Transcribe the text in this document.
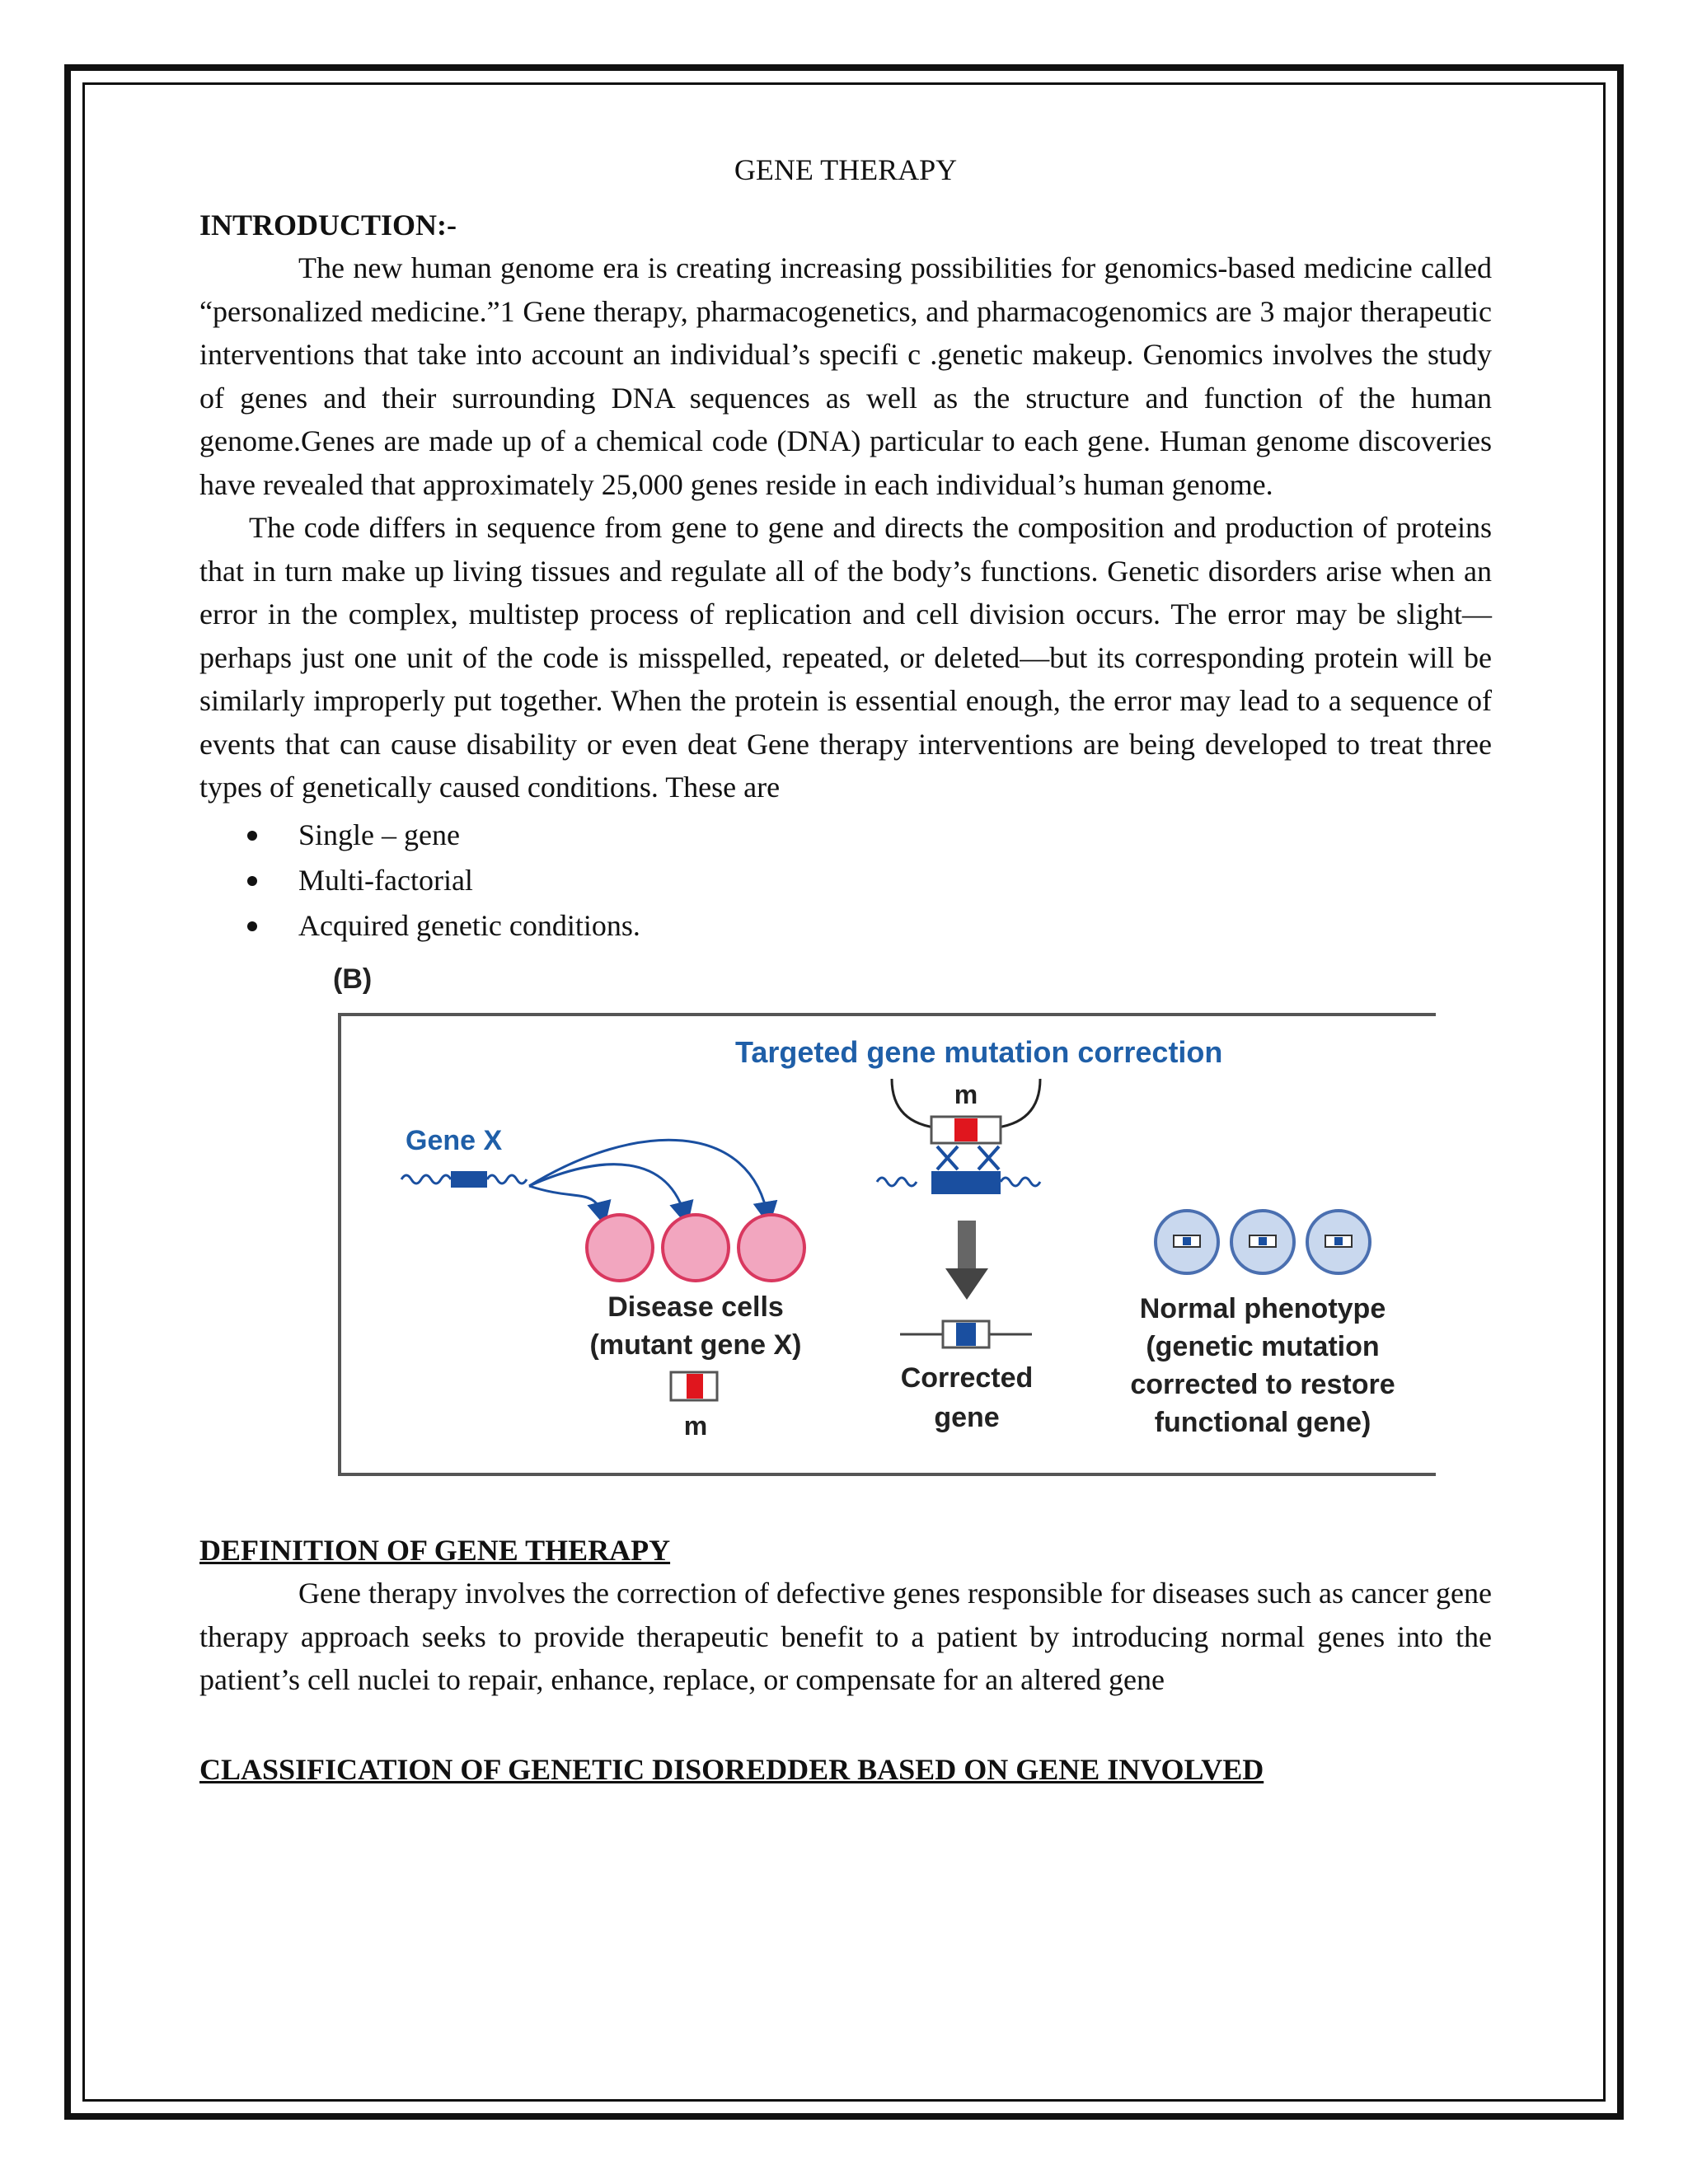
GENE THERAPY
INTRODUCTION:-

The new human genome era is creating increasing possibilities for genomics-based medicine called “personalized medicine.”1 Gene therapy, pharmacogenetics, and pharmacogenomics are 3 major therapeutic interventions that take into account an individual’s specifi c .genetic makeup. Genomics involves the study of genes and their surrounding DNA sequences as well as the structure and function of the human genome.Genes are made up of a chemical code (DNA) particular to each gene. Human genome discoveries have revealed that approximately 25,000 genes reside in each individual’s human genome.

The code differs in sequence from gene to gene and directs the composition and production of proteins that in turn make up living tissues and regulate all of the body’s functions. Genetic disorders arise when an error in the complex, multistep process of replication and cell division occurs. The error may be slight—perhaps just one unit of the code is misspelled, repeated, or deleted—but its corresponding protein will be similarly improperly put together. When the protein is essential enough, the error may lead to a sequence of events that can cause disability or even deat Gene therapy interventions are being developed to treat three types of genetically caused conditions. These are

Single – gene
Multi-factorial
Acquired genetic conditions.
(B)
Targeted gene mutation correction
Gene X
Disease cells
(mutant gene X)
m
m
Corrected
gene
Normal phenotype
(genetic mutation
corrected to restore
functional gene)
DEFINITION OF GENE THERAPY

Gene therapy involves the correction of defective genes responsible for diseases such as cancer gene therapy approach seeks to provide therapeutic benefit to a patient by introducing normal genes into the patient’s cell nuclei to repair, enhance, replace, or compensate for an altered gene

CLASSIFICATION OF GENETIC DISOREDDER BASED ON GENE INVOLVED
